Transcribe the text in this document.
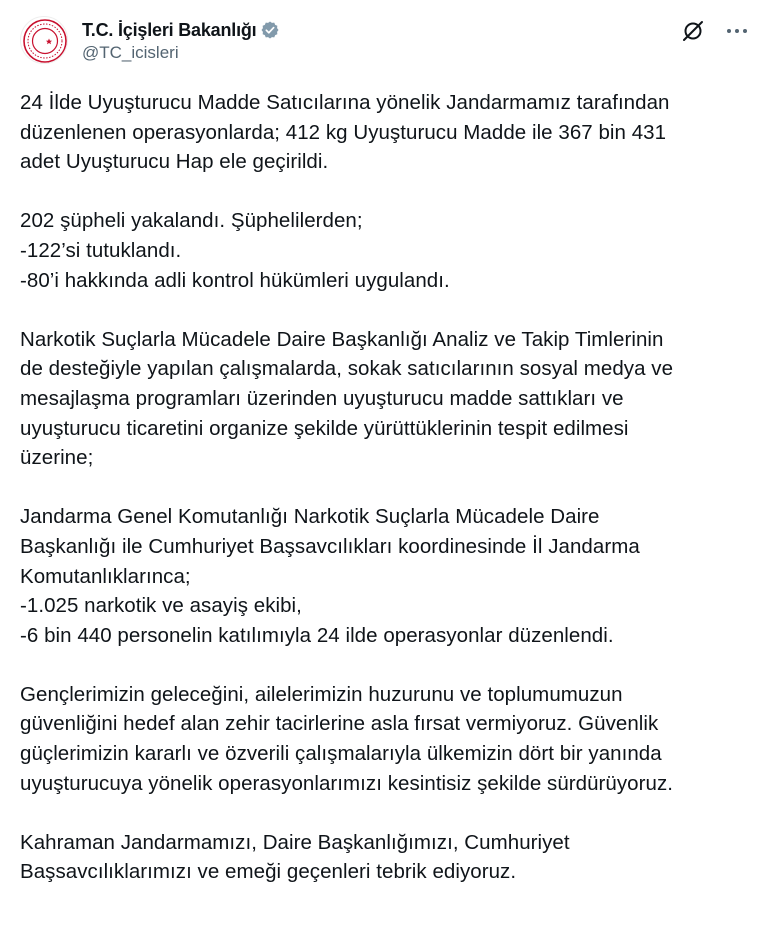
T.C. İçişleri Bakanlığı
@TC_icisleri

24 İlde Uyuşturucu Madde Satıcılarına yönelik Jandarmamız tarafından
düzenlenen operasyonlarda; 412 kg Uyuşturucu Madde ile 367 bin 431
adet Uyuşturucu Hap ele geçirildi.

202 şüpheli yakalandı. Şüphelilerden;
-122’si tutuklandı.
-80’i hakkında adli kontrol hükümleri uygulandı.

Narkotik Suçlarla Mücadele Daire Başkanlığı Analiz ve Takip Timlerinin
de desteğiyle yapılan çalışmalarda, sokak satıcılarının sosyal medya ve
mesajlaşma programları üzerinden uyuşturucu madde sattıkları ve
uyuşturucu ticaretini organize şekilde yürüttüklerinin tespit edilmesi
üzerine;

Jandarma Genel Komutanlığı Narkotik Suçlarla Mücadele Daire
Başkanlığı ile Cumhuriyet Başsavcılıkları koordinesinde İl Jandarma
Komutanlıklarınca;
-1.025 narkotik ve asayiş ekibi,
-6 bin 440 personelin katılımıyla 24 ilde operasyonlar düzenlendi.

Gençlerimizin geleceğini, ailelerimizin huzurunu ve toplumumuzun
güvenliğini hedef alan zehir tacirlerine asla fırsat vermiyoruz. Güvenlik
güçlerimizin kararlı ve özverili çalışmalarıyla ülkemizin dört bir yanında
uyuşturucuya yönelik operasyonlarımızı kesintisiz şekilde sürdürüyoruz.

Kahraman Jandarmamızı, Daire Başkanlığımızı, Cumhuriyet
Başsavcılıklarımızı ve emeği geçenleri tebrik ediyoruz.
